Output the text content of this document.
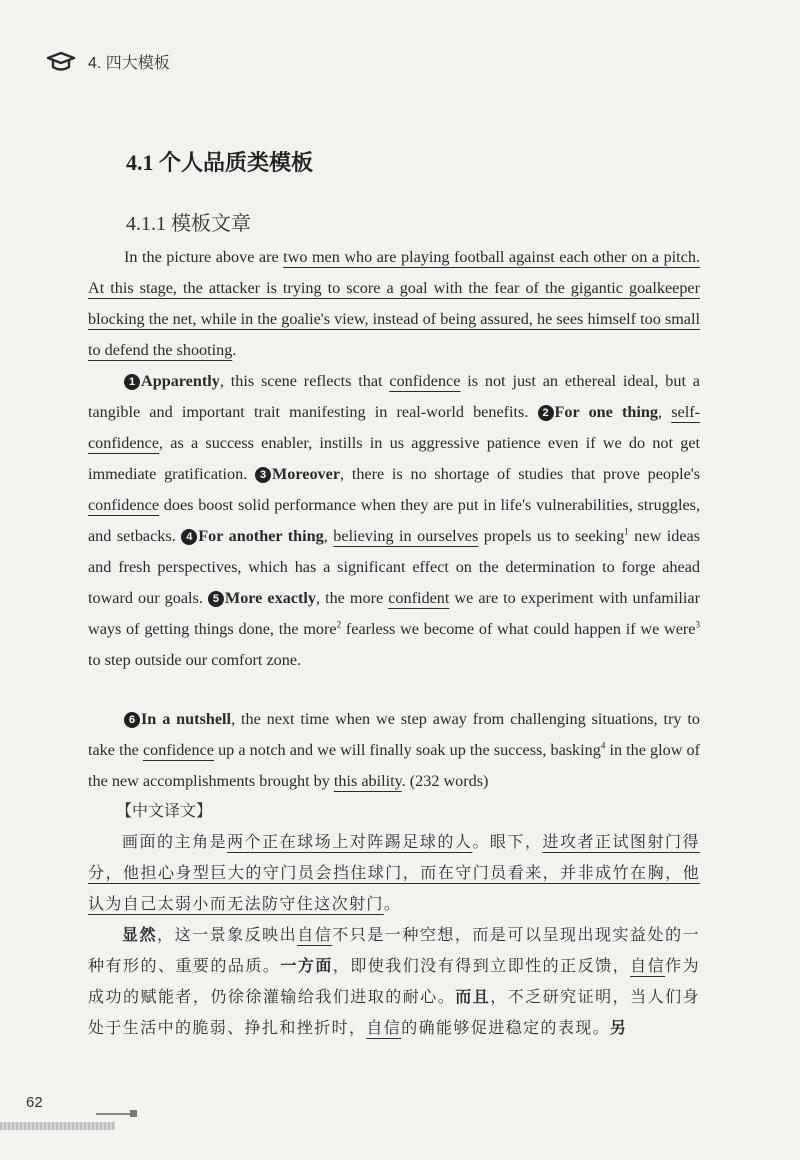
4. 四大模板
4.1 个人品质类模板
4.1.1 模板文章

In the picture above are two men who are playing football against each other on a pitch. At this stage, the attacker is trying to score a goal with the fear of the gigantic goalkeeper blocking the net, while in the goalie's view, instead of being assured, he sees himself too small to defend the shooting.

1 Apparently, this scene reflects that confidence is not just an ethereal ideal, but a tangible and important trait manifesting in real-world benefits. 2 For one thing, self-confidence, as a success enabler, instills in us aggressive patience even if we do not get immediate gratification. 3 Moreover, there is no shortage of studies that prove people's confidence does boost solid performance when they are put in life's vulnerabilities, struggles, and setbacks. 4 For another thing, believing in ourselves propels us to seeking$^1$ new ideas and fresh perspectives, which has a significant effect on the determination to forge ahead toward our goals. 5 More exactly, the more confident we are to experiment with unfamiliar ways of getting things done, the more$^2$ fearless we become of what could happen if we were$^3$ to step outside our comfort zone.

6 In a nutshell, the next time when we step away from challenging situations, try to take the confidence up a notch and we will finally soak up the success, basking$^4$ in the glow of the new accomplishments brought by this ability. (232 words)

【中文译文】

画面的主角是两个正在球场上对阵踢足球的人。眼下，进攻者正试图射门得分，他担心身型巨大的守门员会挡住球门，而在守门员看来，并非成竹在胸，他认为自己太弱小而无法防守住这次射门。

显然，这一景象反映出自信不只是一种空想，而是可以呈现出现实益处的一种有形的、重要的品质。一方面，即使我们没有得到立即性的正反馈，自信作为成功的赋能者，仍徐徐灌输给我们进取的耐心。而且，不乏研究证明，当人们身处于生活中的脆弱、挣扎和挫折时，自信的确能够促进稳定的表现。另

62
